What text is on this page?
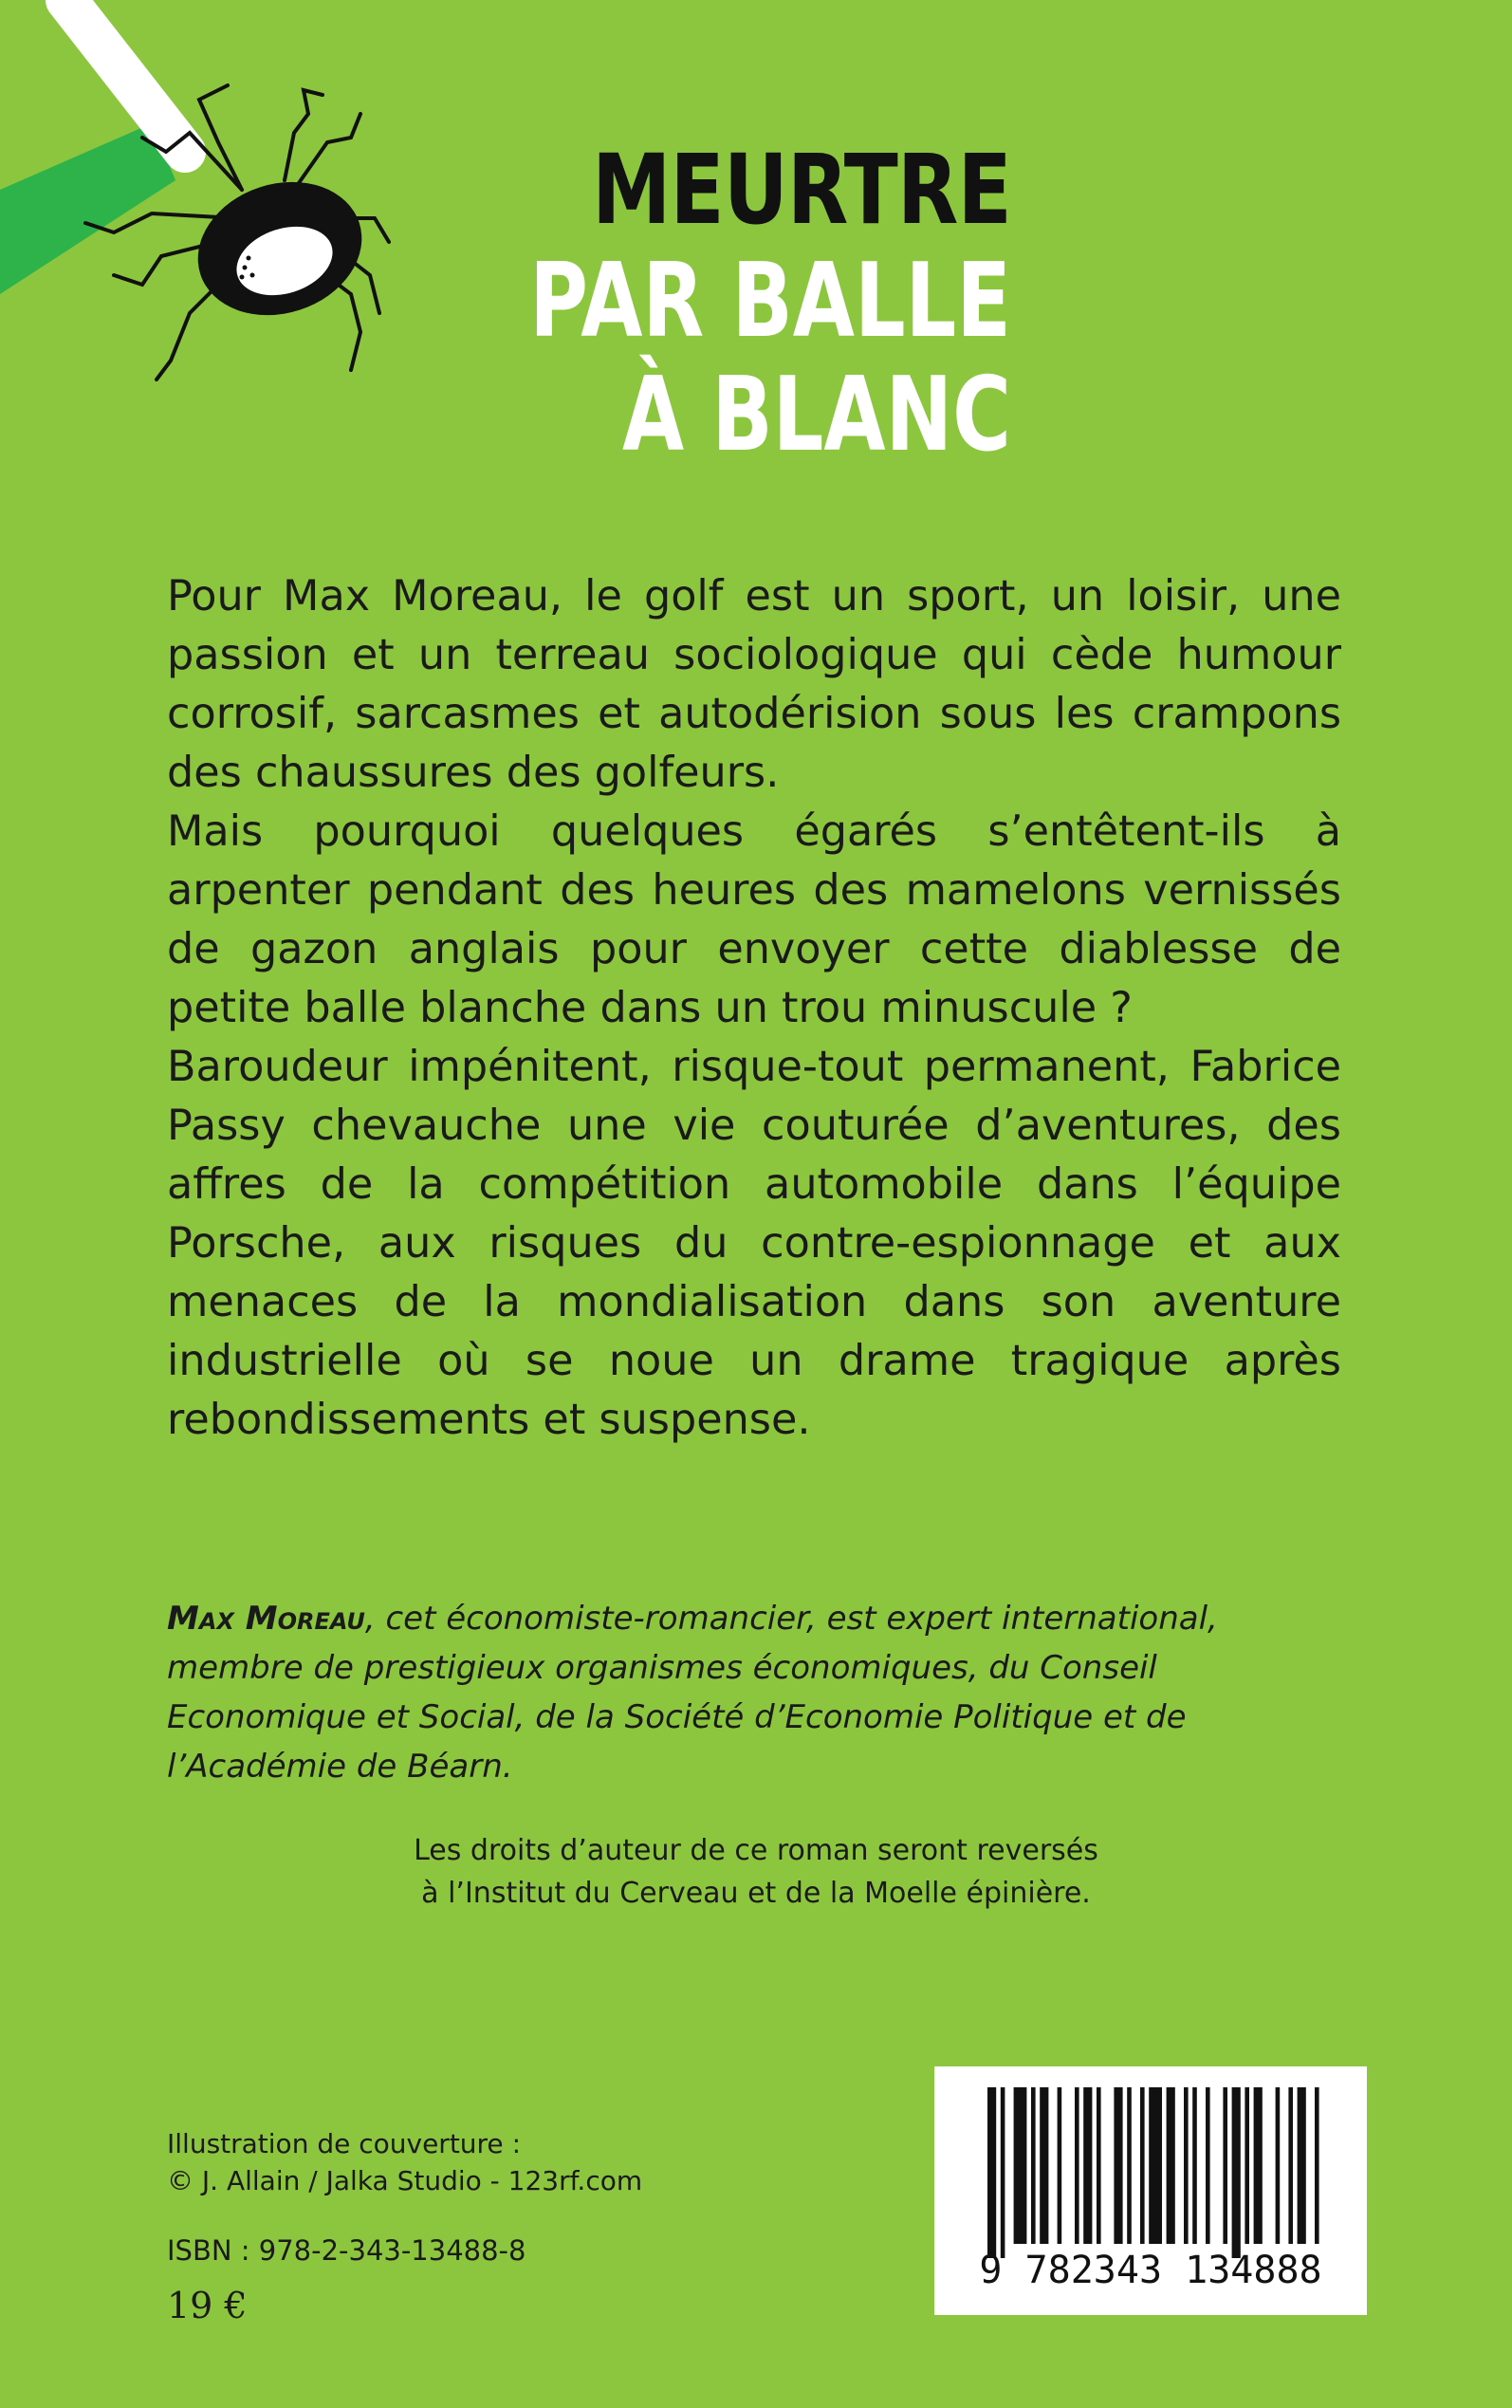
MEURTRE
PAR BALLE
À BLANC

Pour Max Moreau, le golf est un sport, un loisir, une passion et un terreau sociologique qui cède humour corrosif, sarcasmes et autodérision sous les crampons des chaussures des golfeurs.

Mais pourquoi quelques égarés s’entêtent-ils à arpenter pendant des heures des mamelons vernissés de gazon anglais pour envoyer cette diablesse de petite balle blanche dans un trou minuscule ?

Baroudeur impénitent, risque-tout permanent, Fabrice Passy chevauche une vie couturée d’aventures, des affres de la compétition automobile dans l’équipe Porsche, aux risques du contre-espionnage et aux menaces de la mondialisation dans son aventure industrielle où se noue un drame tragique après rebondissements et suspense.

Max Moreau, cet économiste-romancier, est expert international, membre de prestigieux organismes économiques, du Conseil Economique et Social, de la Société d’Economie Politique et de l’Académie de Béarn.

Les droits d’auteur de ce roman seront reversés
à l’Institut du Cerveau et de la Moelle épinière.
Illustration de couverture :
© J. Allain / Jalka Studio - 123rf.com
ISBN : 978-2-343-13488-8
19 €
9 782343 134888
